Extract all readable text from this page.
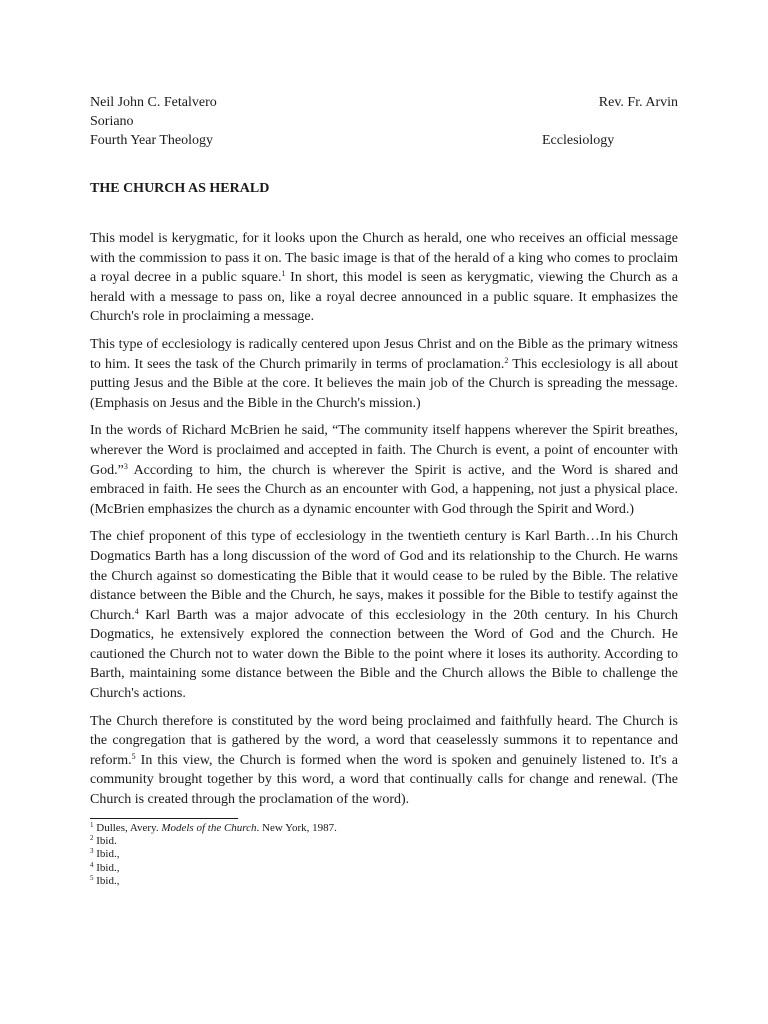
Neil John C. Fetalvero	Rev. Fr. Arvin
Soriano
Fourth Year Theology	Ecclesiology
THE CHURCH AS HERALD

This model is kerygmatic, for it looks upon the Church as herald, one who receives an official message with the commission to pass it on. The basic image is that of the herald of a king who comes to proclaim a royal decree in a public square.$^1$ In short, this model is seen as kerygmatic, viewing the Church as a herald with a message to pass on, like a royal decree announced in a public square. It emphasizes the Church's role in proclaiming a message.

This type of ecclesiology is radically centered upon Jesus Christ and on the Bible as the primary witness to him. It sees the task of the Church primarily in terms of proclamation.$^2$ This ecclesiology is all about putting Jesus and the Bible at the core. It believes the main job of the Church is spreading the message. (Emphasis on Jesus and the Bible in the Church's mission.)

In the words of Richard McBrien he said, “The community itself happens wherever the Spirit breathes, wherever the Word is proclaimed and accepted in faith. The Church is event, a point of encounter with God.”$^3$ According to him, the church is wherever the Spirit is active, and the Word is shared and embraced in faith. He sees the Church as an encounter with God, a happening, not just a physical place. (McBrien emphasizes the church as a dynamic encounter with God through the Spirit and Word.)

The chief proponent of this type of ecclesiology in the twentieth century is Karl Barth…In his Church Dogmatics Barth has a long discussion of the word of God and its relationship to the Church. He warns the Church against so domesticating the Bible that it would cease to be ruled by the Bible. The relative distance between the Bible and the Church, he says, makes it possible for the Bible to testify against the Church.$^4$ Karl Barth was a major advocate of this ecclesiology in the 20th century. In his Church Dogmatics, he extensively explored the connection between the Word of God and the Church. He cautioned the Church not to water down the Bible to the point where it loses its authority. According to Barth, maintaining some distance between the Bible and the Church allows the Bible to challenge the Church's actions.

The Church therefore is constituted by the word being proclaimed and faithfully heard. The Church is the congregation that is gathered by the word, a word that ceaselessly summons it to repentance and reform.$^5$ In this view, the Church is formed when the word is spoken and genuinely listened to. It's a community brought together by this word, a word that continually calls for change and renewal. (The Church is created through the proclamation of the word).

$^1$ Dulles, Avery. Models of the Church. New York, 1987.
$^2$ Ibid.
$^3$ Ibid.,
$^4$ Ibid.,
$^5$ Ibid.,
